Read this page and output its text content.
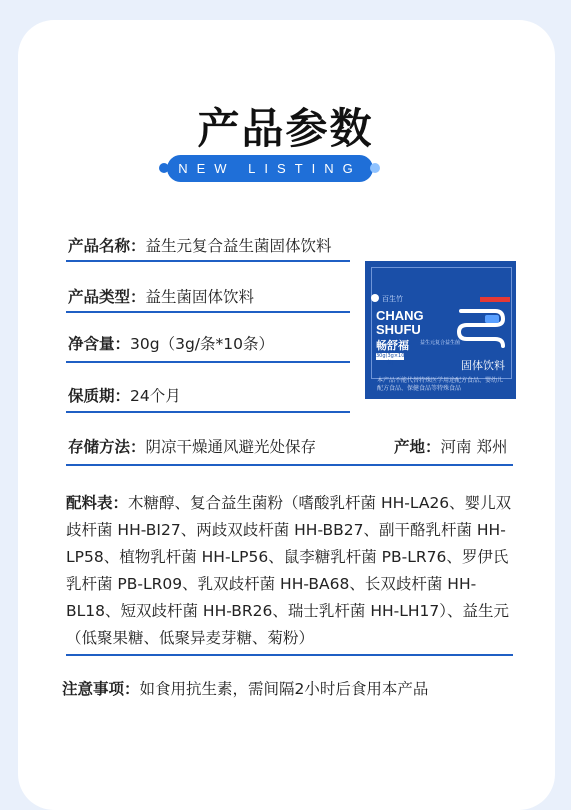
产品参数
NEW LISTING
产品名称：益生元复合益生菌固体饮料
产品类型：益生菌固体饮料
净含量：30g（3g/条*10条）
保质期：24个月
存储方法：阴凉干燥通风避光处保存	产地：河南 郑州
配料表：木糖醇、复合益生菌粉（嗜酸乳杆菌 HH-LA26、婴儿双歧杆菌 HH-BI27、两歧双歧杆菌 HH-BB27、副干酪乳杆菌 HH-LP58、植物乳杆菌 HH-LP56、鼠李糖乳杆菌 PB-LR76、罗伊氏乳杆菌 PB-LR09、乳双歧杆菌 HH-BA68、长双歧杆菌 HH-BL18、短双歧杆菌 HH-BR26、瑞士乳杆菌 HH-LH17）、益生元（低聚果糖、低聚异麦芽糖、菊粉）
注意事项：如食用抗生素，需间隔2小时后食用本产品
百生竹
CHANG
SHUFU
畅舒福 益生元复合益生菌
30g(3g×10条)	固体饮料
本产品不能代替特殊医学用途配方食品、婴幼儿配方食品、保健食品等特殊食品
